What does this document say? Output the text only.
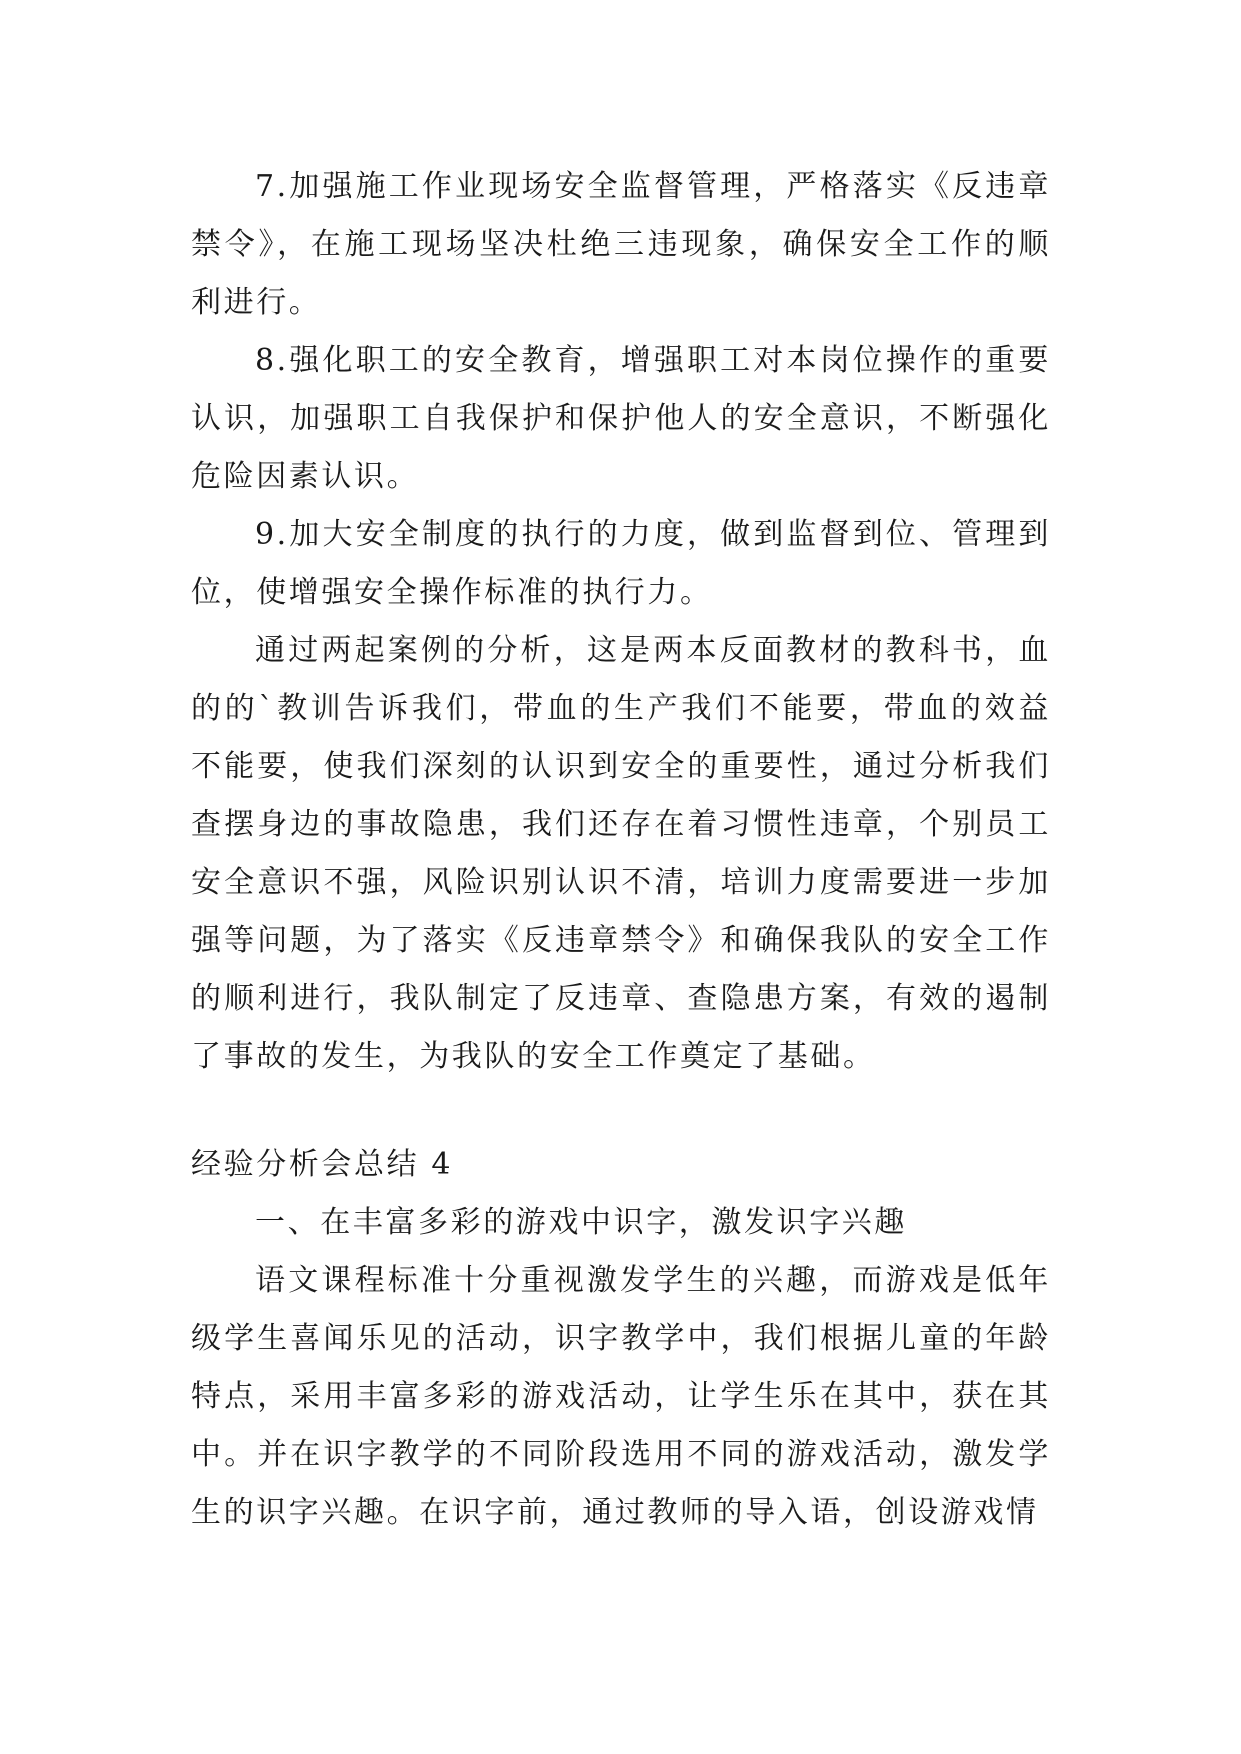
7.加强施工作业现场安全监督管理，严格落实《反违章禁令》，在施工现场坚决杜绝三违现象，确保安全工作的顺利进行。

8.强化职工的安全教育，增强职工对本岗位操作的重要认识，加强职工自我保护和保护他人的安全意识，不断强化危险因素认识。

9.加大安全制度的执行的力度，做到监督到位、管理到位，使增强安全操作标准的执行力。

通过两起案例的分析，这是两本反面教材的教科书，血的的`教训告诉我们，带血的生产我们不能要，带血的效益不能要，使我们深刻的认识到安全的重要性，通过分析我们查摆身边的事故隐患，我们还存在着习惯性违章，个别员工安全意识不强，风险识别认识不清，培训力度需要进一步加强等问题，为了落实《反违章禁令》和确保我队的安全工作的顺利进行，我队制定了反违章、查隐患方案，有效的遏制了事故的发生，为我队的安全工作奠定了基础。

经验分析会总结 4

一、在丰富多彩的游戏中识字，激发识字兴趣

语文课程标准十分重视激发学生的兴趣，而游戏是低年级学生喜闻乐见的活动，识字教学中，我们根据儿童的年龄特点，采用丰富多彩的游戏活动，让学生乐在其中，获在其中。并在识字教学的不同阶段选用不同的游戏活动，激发学生的识字兴趣。在识字前，通过教师的导入语，创设游戏情
